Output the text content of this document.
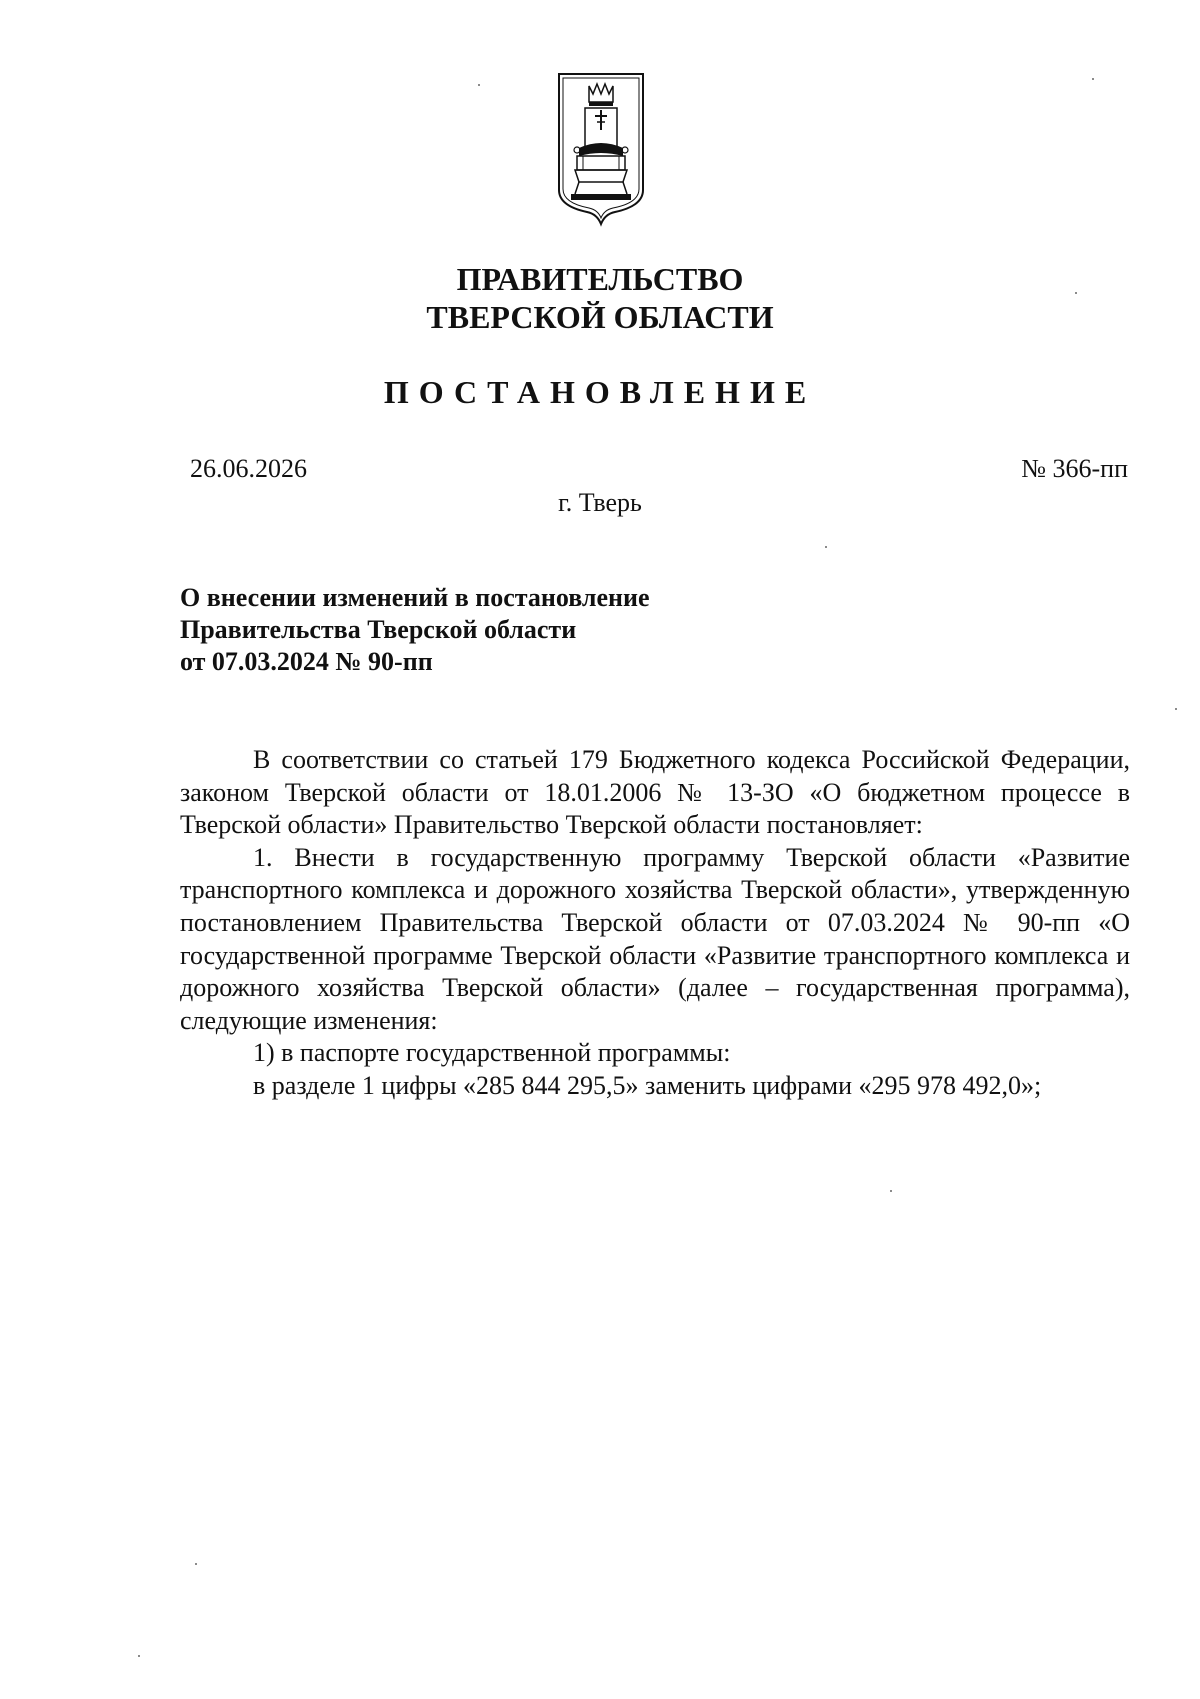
ПРАВИТЕЛЬСТВО
ТВЕРСКОЙ ОБЛАСТИ
ПОСТАНОВЛЕНИЕ
26.06.2026	№ 366-пп
г. Тверь
О внесении изменений в постановление
Правительства Тверской области
от 07.03.2024 № 90-пп

В соответствии со статьей 179 Бюджетного кодекса Российской Федерации, законом Тверской области от 18.01.2006 № 13-ЗО «О бюджетном процессе в Тверской области» Правительство Тверской области постановляет:

1. Внести в государственную программу Тверской области «Развитие транспортного комплекса и дорожного хозяйства Тверской области», утвержденную постановлением Правительства Тверской области от 07.03.2024 № 90-пп «О государственной программе Тверской области «Развитие транспортного комплекса и дорожного хозяйства Тверской области» (далее – государственная программа), следующие изменения:

1) в паспорте государственной программы:

в разделе 1 цифры «285 844 295,5» заменить цифрами «295 978 492,0»;
